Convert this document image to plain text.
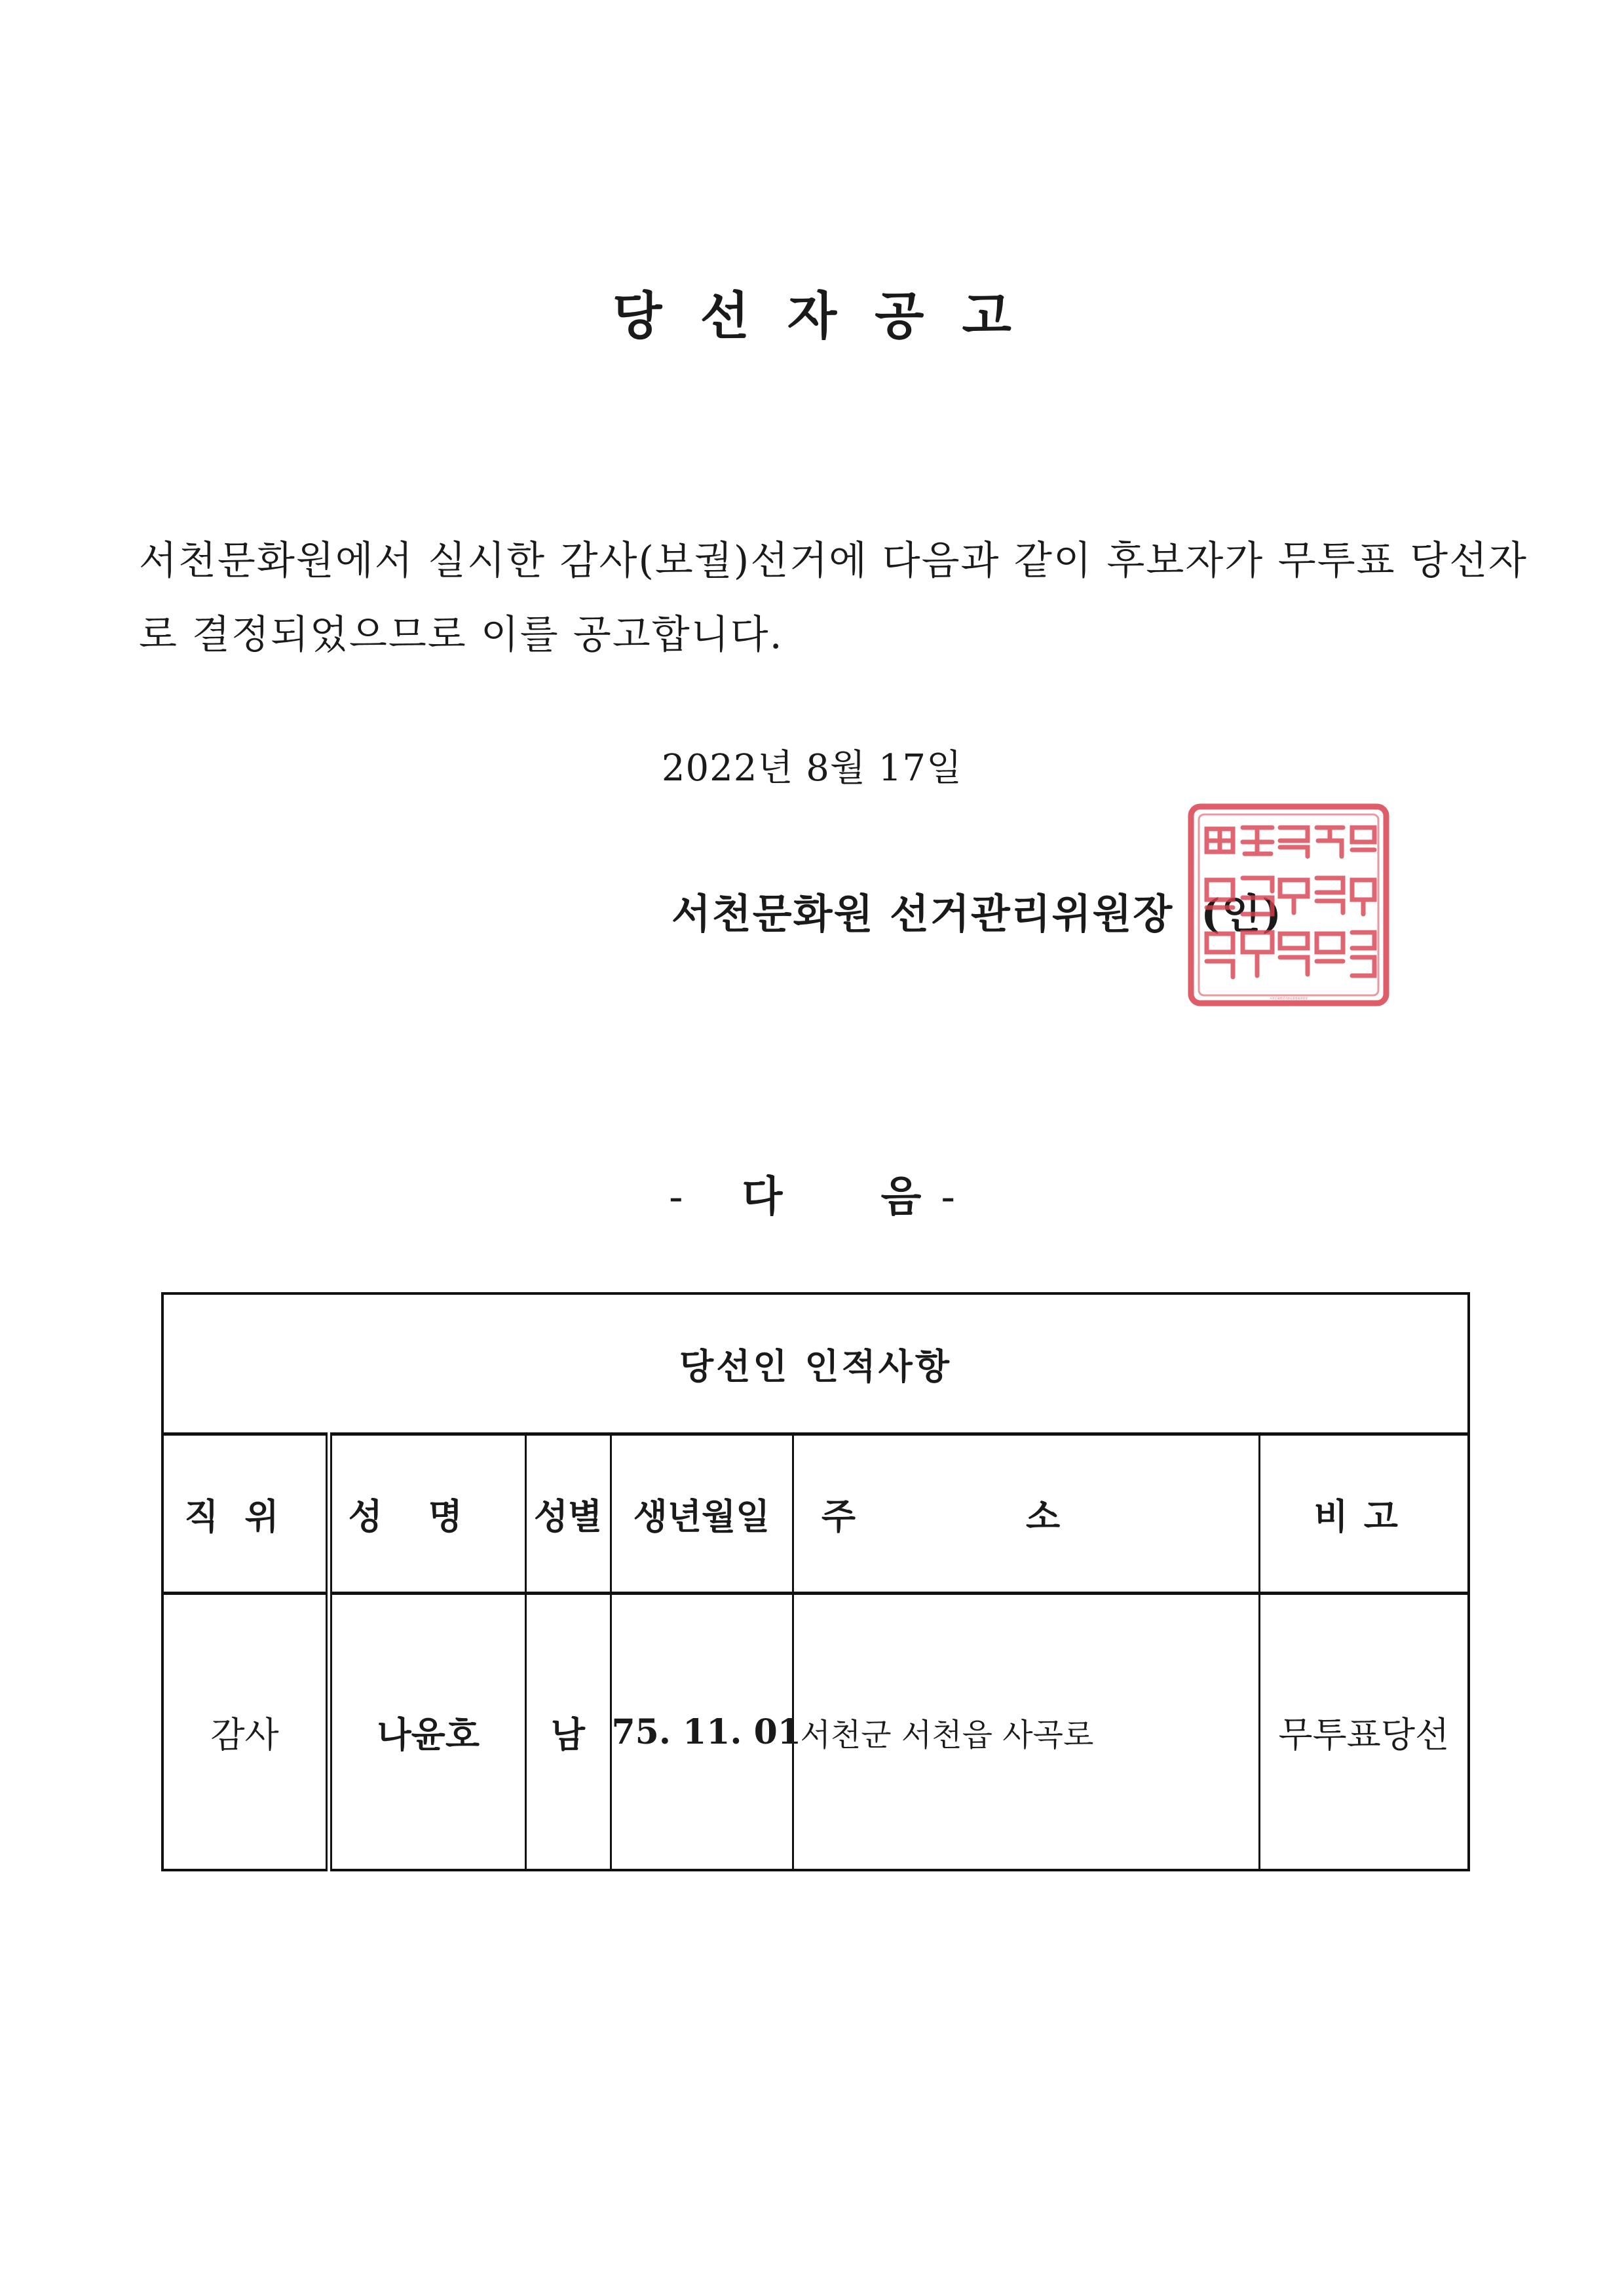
당선자공고
서천문화원에서 실시한 감사(보궐)선거에 다음과 같이 후보자가 무투표 당선자로 결정되었으므로 이를 공고합니다.
2022년 8월 17일
서천문화원 선거관리위원장 (인)
서천문화원선거관리위원회위원장
- 다 음 -
당선인 인적사항					
직위	성명	성별	생년월일	주소	비고
감사	나윤호	남	75. 11. 01	서천군 서천읍 사곡로	무투표당선
